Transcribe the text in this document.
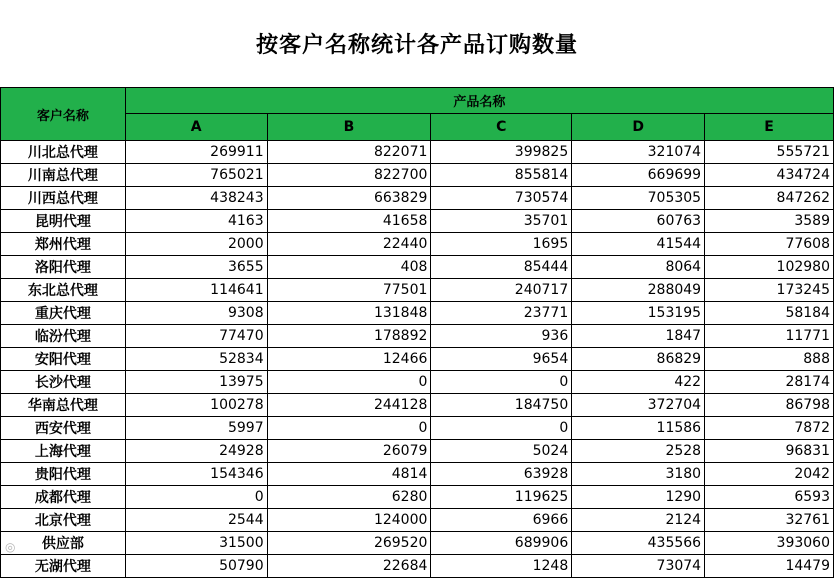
按客户名称统计各产品订购数量
客户名称	产品名称				
	A	B	C	D	E
川北总代理	269911	822071	399825	321074	555721
川南总代理	765021	822700	855814	669699	434724
川西总代理	438243	663829	730574	705305	847262
昆明代理	4163	41658	35701	60763	3589
郑州代理	2000	22440	1695	41544	77608
洛阳代理	3655	408	85444	8064	102980
东北总代理	114641	77501	240717	288049	173245
重庆代理	9308	131848	23771	153195	58184
临汾代理	77470	178892	936	1847	11771
安阳代理	52834	12466	9654	86829	888
长沙代理	13975	0	0	422	28174
华南总代理	100278	244128	184750	372704	86798
西安代理	5997	0	0	11586	7872
上海代理	24928	26079	5024	2528	96831
贵阳代理	154346	4814	63928	3180	2042
成都代理	0	6280	119625	1290	6593
北京代理	2544	124000	6966	2124	32761
供应部	31500	269520	689906	435566	393060
无湖代理	50790	22684	1248	73074	14479
◎
